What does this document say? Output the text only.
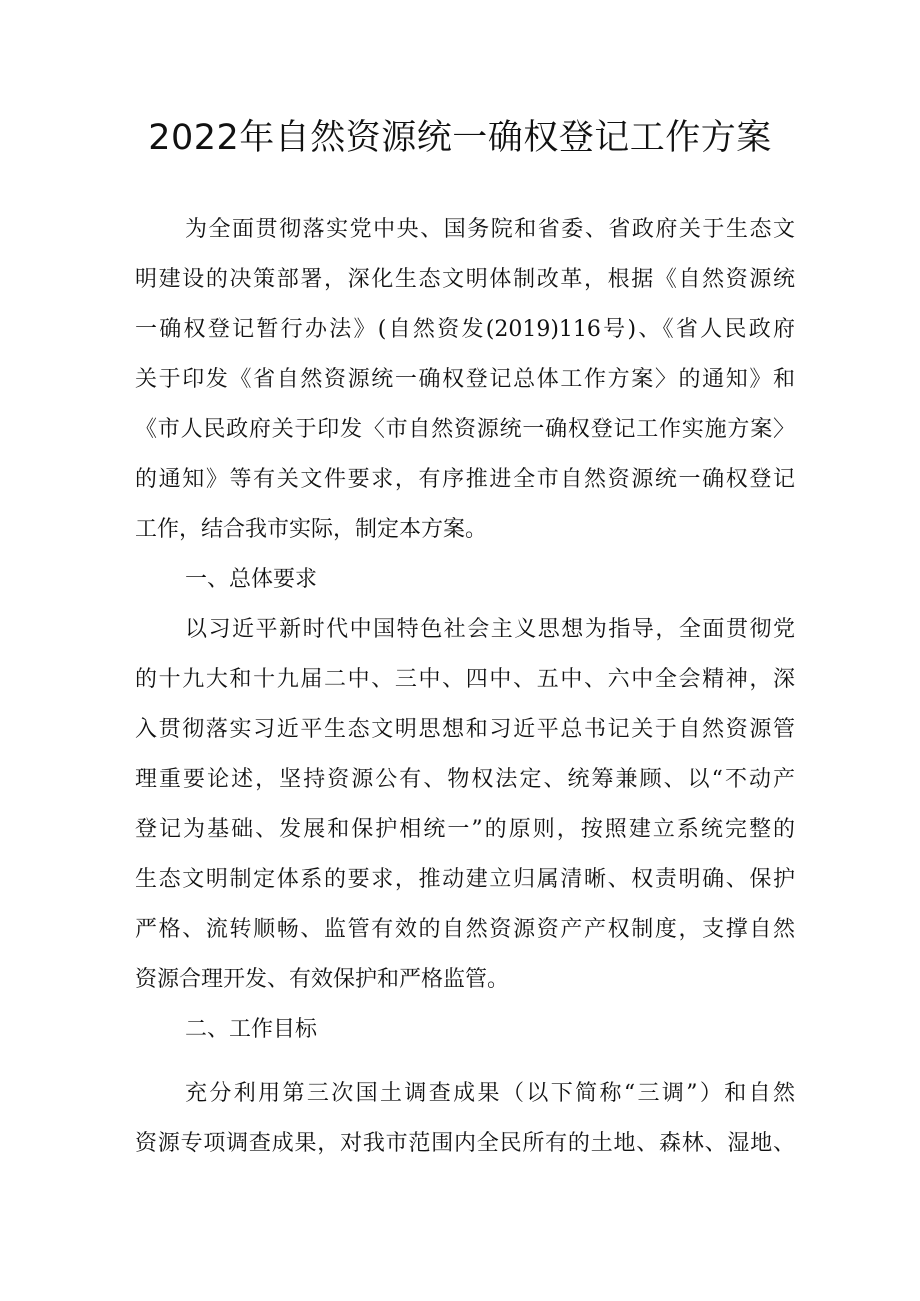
2022年自然资源统一确权登记工作方案

为全面贯彻落实党中央、国务院和省委、省政府关于生态文

明建设的决策部署，深化生态文明体制改革，根据《自然资源统

一确权登记暂行办法》(自然资发(2019)116号)、《省人民政府

关于印发《省自然资源统一确权登记总体工作方案〉的通知》和

《市人民政府关于印发〈市自然资源统一确权登记工作实施方案〉

的通知》等有关文件要求，有序推进全市自然资源统一确权登记

工作，结合我市实际，制定本方案。

一、总体要求

以习近平新时代中国特色社会主义思想为指导，全面贯彻党

的十九大和十九届二中、三中、四中、五中、六中全会精神，深

入贯彻落实习近平生态文明思想和习近平总书记关于自然资源管

理重要论述，坚持资源公有、物权法定、统筹兼顾、以“不动产

登记为基础、发展和保护相统一”的原则，按照建立系统完整的

生态文明制定体系的要求，推动建立归属清晰、权责明确、保护

严格、流转顺畅、监管有效的自然资源资产产权制度，支撑自然

资源合理开发、有效保护和严格监管。

二、工作目标

充分利用第三次国土调查成果（以下简称“三调”）和自然

资源专项调查成果，对我市范围内全民所有的土地、森林、湿地、
